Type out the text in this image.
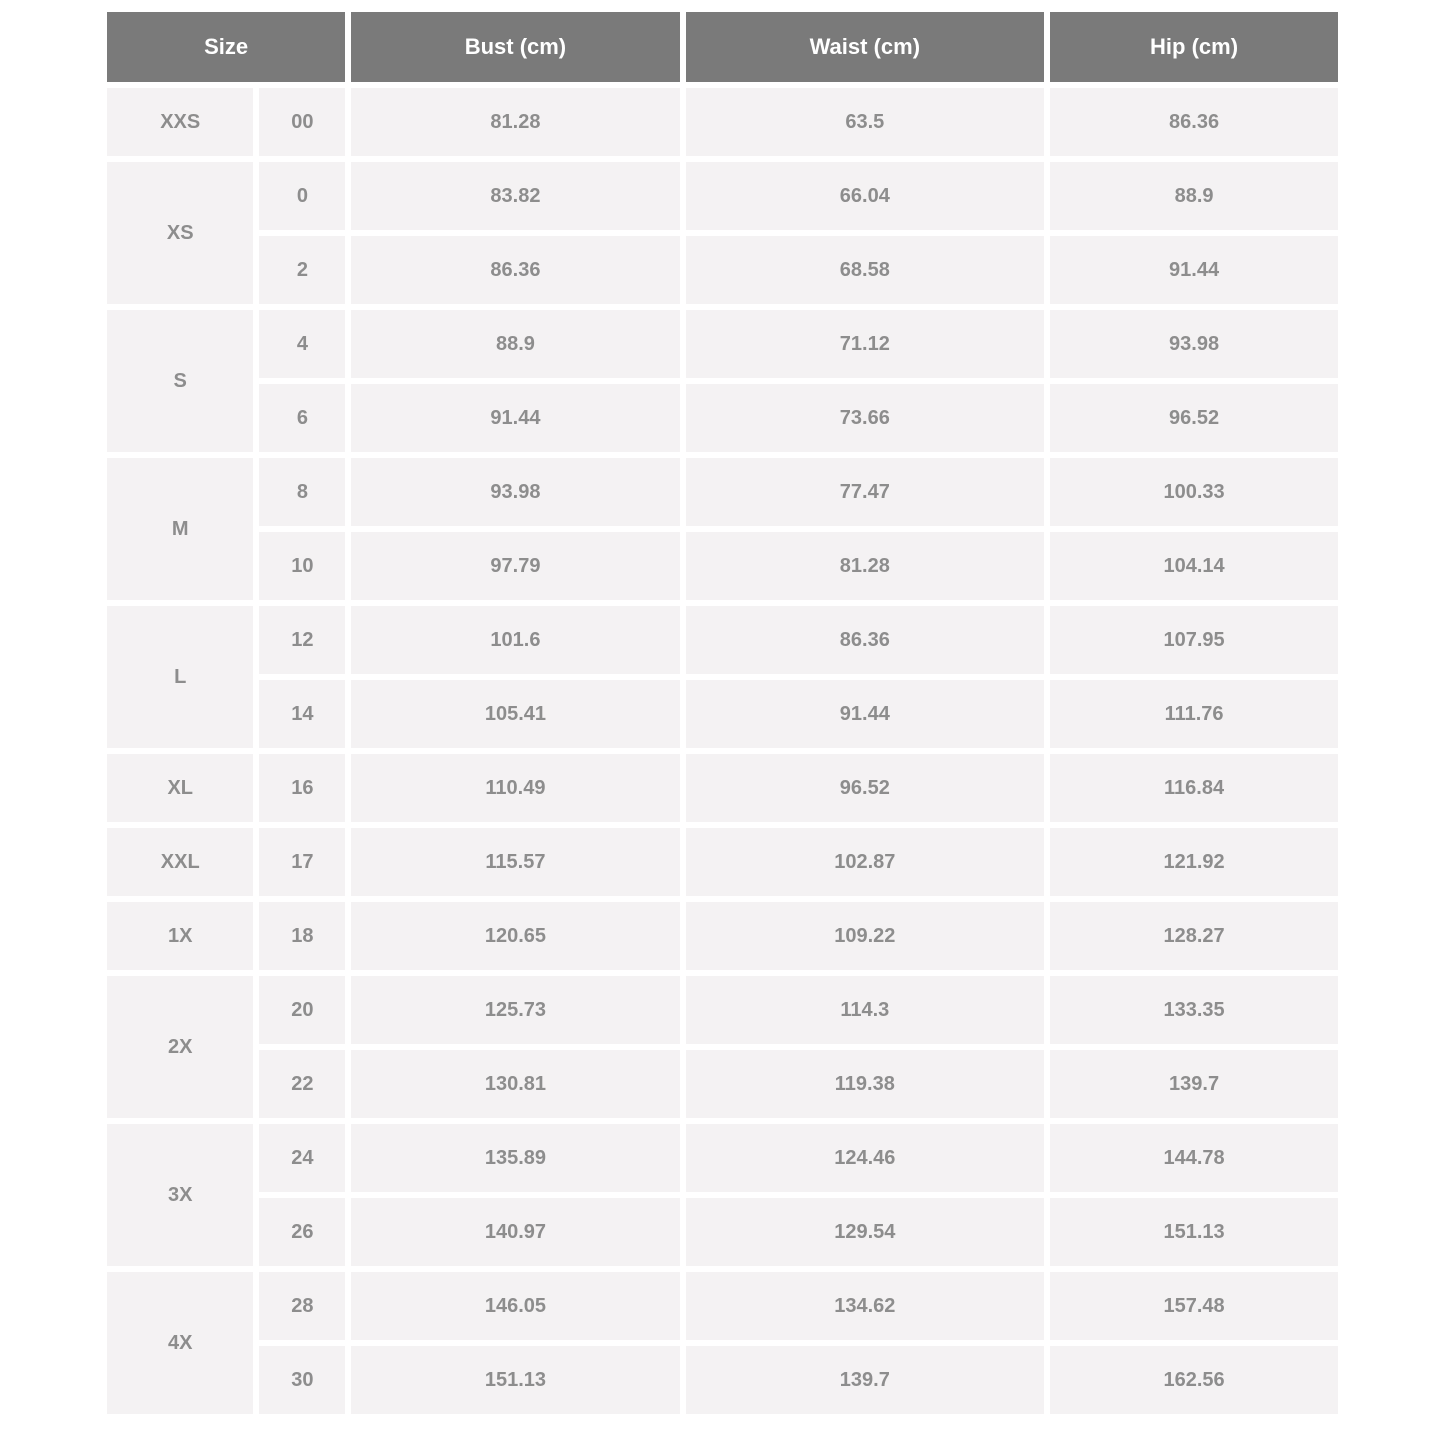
Size		Bust (cm)	Waist (cm)	Hip (cm)
XXS	00	81.28	63.5	86.36
XS	0	83.82	66.04	88.9
	2	86.36	68.58	91.44
S	4	88.9	71.12	93.98
	6	91.44	73.66	96.52
M	8	93.98	77.47	100.33
	10	97.79	81.28	104.14
L	12	101.6	86.36	107.95
	14	105.41	91.44	111.76
XL	16	110.49	96.52	116.84
XXL	17	115.57	102.87	121.92
1X	18	120.65	109.22	128.27
2X	20	125.73	114.3	133.35
	22	130.81	119.38	139.7
3X	24	135.89	124.46	144.78
	26	140.97	129.54	151.13
4X	28	146.05	134.62	157.48
	30	151.13	139.7	162.56
